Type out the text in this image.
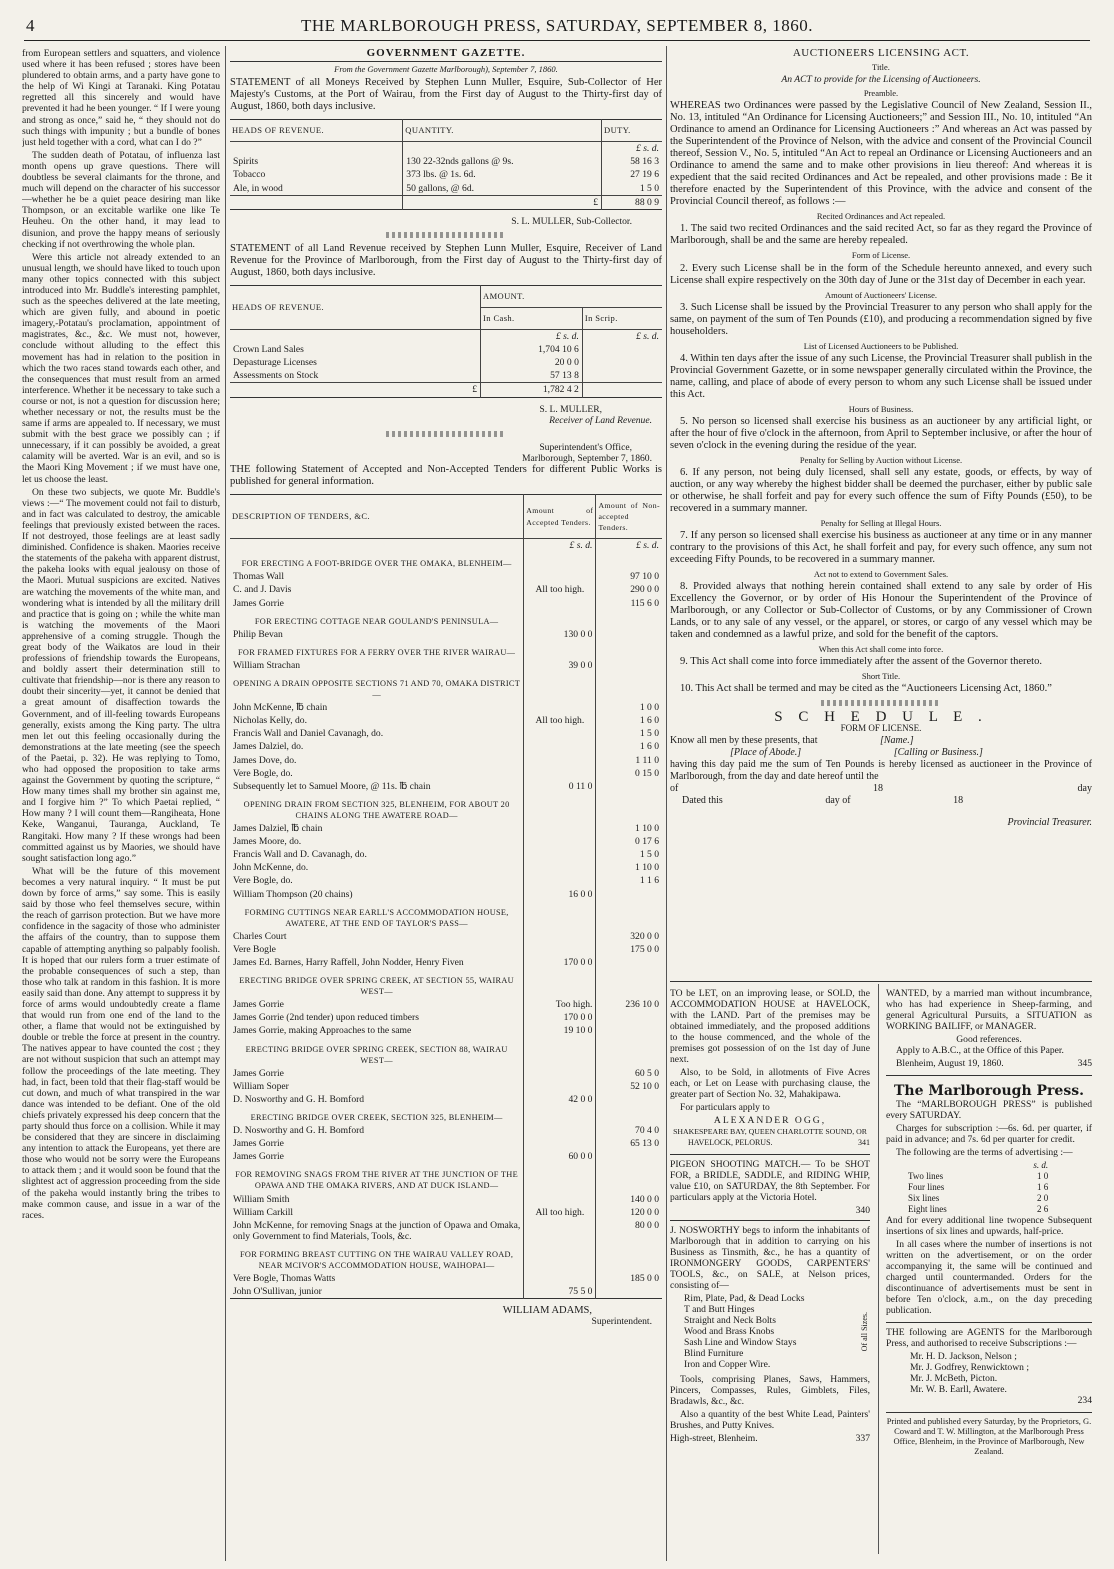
4	THE MARLBOROUGH PRESS, SATURDAY, SEPTEMBER 8, 1860.

from European settlers and squatters, and violence used where it has been refused ; stores have been plundered to obtain arms, and a party have gone to the help of Wi Kingi at Taranaki. King Potatau regretted all this sincerely and would have prevented it had he been younger. “ If I were young and strong as once,” said he, “ they should not do such things with impunity ; but a bundle of bones just held together with a cord, what can I do ?”

The sudden death of Potatau, of influenza last month opens up grave questions. There will doubtless be several claimants for the throne, and much will depend on the character of his successor—whether he be a quiet peace desiring man like Thompson, or an excitable warlike one like Te Heuheu. On the other hand, it may lead to disunion, and prove the happy means of seriously checking if not overthrowing the whole plan.

Were this article not already extended to an unusual length, we should have liked to touch upon many other topics connected with this subject introduced into Mr. Buddle's interesting pamphlet, such as the speeches delivered at the late meeting, which are given fully, and abound in poetic imagery,-Potatau's proclamation, appointment of magistrates, &c., &c. We must not, however, conclude without alluding to the effect this movement has had in relation to the position in which the two races stand towards each other, and the consequences that must result from an armed interference. Whether it be necessary to take such a course or not, is not a question for discussion here; whether necessary or not, the results must be the same if arms are appealed to. If necessary, we must submit with the best grace we possibly can ; if unnecessary, if it can possibly be avoided, a great calamity will be averted. War is an evil, and so is the Maori King Movement ; if we must have one, let us choose the least.

On these two subjects, we quote Mr. Buddle's views :—“ The movement could not fail to disturb, and in fact was calculated to destroy, the amicable feelings that previously existed between the races. If not destroyed, those feelings are at least sadly diminished. Confidence is shaken. Maories receive the statements of the pakeha with apparent distrust, the pakeha looks with equal jealousy on those of the Maori. Mutual suspicions are excited. Natives are watching the movements of the white man, and wondering what is intended by all the military drill and practice that is going on ; while the white man is watching the movements of the Maori apprehensive of a coming struggle. Though the great body of the Waikatos are loud in their professions of friendship towards the Europeans, and boldly assert their determination still to cultivate that friendship—nor is there any reason to doubt their sincerity—yet, it cannot be denied that a great amount of disaffection towards the Government, and of ill-feeling towards Europeans generally, exists among the King party. The ultra men let out this feeling occasionally during the demonstrations at the late meeting (see the speech of the Paetai, p. 32). He was replying to Tomo, who had opposed the proposition to take arms against the Government by quoting the scripture, “ How many times shall my brother sin against me, and I forgive him ?” To which Paetai replied, “ How many ? I will count them—Rangiheata, Hone Keke, Wanganui, Tauranga, Auckland, Te Rangitaki. How many ? If these wrongs had been committed against us by Maories, we should have sought satisfaction long ago.”

What will be the future of this movement becomes a very natural inquiry. “ It must be put down by force of arms,” say some. This is easily said by those who feel themselves secure, within the reach of garrison protection. But we have more confidence in the sagacity of those who administer the affairs of the country, than to suppose them capable of attempting anything so palpably foolish. It is hoped that our rulers form a truer estimate of the probable consequences of such a step, than those who talk at random in this fashion. It is more easily said than done. Any attempt to suppress it by force of arms would undoubtedly create a flame that would run from one end of the land to the other, a flame that would not be extinguished by double or treble the force at present in the country. The natives appear to have counted the cost ; they are not without suspicion that such an attempt may follow the proceedings of the late meeting. They had, in fact, been told that their flag-staff would be cut down, and much of what transpired in the war dance was intended to be defiant. One of the old chiefs privately expressed his deep concern that the party should thus force on a collision. While it may be considered that they are sincere in disclaiming any intention to attack the Europeans, yet there are those who would not be sorry were the Europeans to attack them ; and it would soon be found that the slightest act of aggression proceeding from the side of the pakeha would instantly bring the tribes to make common cause, and issue in a war of the races.

GOVERNMENT GAZETTE.
From the Government Gazette Marlborough), September 7, 1860.

STATEMENT of all Moneys Received by Stephen Lunn Muller, Esquire, Sub-Collector of Her Majesty's Customs, at the Port of Wairau, from the First day of August to the Thirty-first day of August, 1860, both days inclusive.

HEADS OF REVENUE.	QUANTITY.	DUTY.
		£ s. d.
Spirits	130 22-32nds gallons @ 9s.	58 16 3
Tobacco	373 lbs. @ 1s. 6d.	27 19 6
Ale, in wood	50 gallons, @ 6d.	1 5 0
	£	88 0 9
S. L. MULLER, Sub-Collector.

STATEMENT of all Land Revenue received by Stephen Lunn Muller, Esquire, Receiver of Land Revenue for the Province of Marlborough, from the First day of August to the Thirty-first day of August, 1860, both days inclusive.

HEADS OF REVENUE.	AMOUNT.	
	In Cash.	In Scrip.
	£ s. d.	£ s. d.
Crown Land Sales	1,704 10 6	
Depasturage Licenses	20 0 0	
Assessments on Stock	57 13 8	
£	1,782 4 2	
S. L. MULLER,
Receiver of Land Revenue.
Superintendent's Office,
Marlborough, September 7, 1860.

THE following Statement of Accepted and Non-Accepted Tenders for different Public Works is published for general information.

DESCRIPTION OF TENDERS, &C.	Amount of Accepted Tenders.	Amount of Non-accepted Tenders.
	£ s. d.	£ s. d.
FOR ERECTING A FOOT-BRIDGE OVER THE OMAKA, BLENHEIM—		
Thomas Wall		97 10 0
C. and J. Davis	All too high.	290 0 0
James Gorrie		115 6 0
FOR ERECTING COTTAGE NEAR GOULAND'S PENINSULA—		
Philip Bevan	130 0 0	
FOR FRAMED FIXTURES FOR A FERRY OVER THE RIVER WAIRAU—		
William Strachan	39 0 0	
OPENING A DRAIN OPPOSITE SECTIONS 71 AND 70, OMAKA DISTRICT—		
John McKenne, ℔ chain		1 0 0
Nicholas Kelly, do.	All too high.	1 6 0
Francis Wall and Daniel Cavanagh, do.		1 5 0
James Dalziel, do.		1 6 0
James Dove, do.		1 11 0
Vere Bogle, do.		0 15 0
Subsequently let to Samuel Moore, @ 11s. ℔ chain	0 11 0	
OPENING DRAIN FROM SECTION 325, BLENHEIM, FOR ABOUT 20 CHAINS ALONG THE AWATERE ROAD—		
James Dalziel, ℔ chain		1 10 0
James Moore, do.		0 17 6
Francis Wall and D. Cavanagh, do.		1 5 0
John McKenne, do.		1 10 0
Vere Bogle, do.		1 1 6
William Thompson (20 chains)	16 0 0	
FORMING CUTTINGS NEAR EARLL'S ACCOMMODATION HOUSE, AWATERE, AT THE END OF TAYLOR'S PASS—		
Charles Court		320 0 0
Vere Bogle		175 0 0
James Ed. Barnes, Harry Raffell, John Nodder, Henry Fiven	170 0 0	
ERECTING BRIDGE OVER SPRING CREEK, AT SECTION 55, WAIRAU WEST—		
James Gorrie	Too high.	236 10 0
James Gorrie (2nd tender) upon reduced timbers	170 0 0	
James Gorrie, making Approaches to the same	19 10 0	
ERECTING BRIDGE OVER SPRING CREEK, SECTION 88, WAIRAU WEST—		
James Gorrie		60 5 0
William Soper		52 10 0
D. Nosworthy and G. H. Bomford	42 0 0	
ERECTING BRIDGE OVER CREEK, SECTION 325, BLENHEIM—		
D. Nosworthy and G. H. Bomford		70 4 0
James Gorrie		65 13 0
James Gorrie	60 0 0	
FOR REMOVING SNAGS FROM THE RIVER AT THE JUNCTION OF THE OPAWA AND THE OMAKA RIVERS, AND AT DUCK ISLAND—		
William Smith		140 0 0
William Carkill	All too high.	120 0 0
John McKenne, for removing Snags at the junction of Opawa and Omaka, only Government to find Materials, Tools, &c.		80 0 0
FOR FORMING BREAST CUTTING ON THE WAIRAU VALLEY ROAD, NEAR MCIVOR'S ACCOMMODATION HOUSE, WAIHOPAI—		
Vere Bogle, Thomas Watts		185 0 0
John O'Sullivan, junior	75 5 0	
WILLIAM ADAMS,
Superintendent.
AUCTIONEERS LICENSING ACT.
Title.
An ACT to provide for the Licensing of Auctioneers.
Preamble.

WHEREAS two Ordinances were passed by the Legislative Council of New Zealand, Session II., No. 13, intituled “An Ordinance for Licensing Auctioneers;” and Session III., No. 10, intituled “An Ordinance to amend an Ordinance for Licensing Auctioneers :” And whereas an Act was passed by the Superintendent of the Province of Nelson, with the advice and consent of the Provincial Council thereof, Session V., No. 5, intituled “An Act to repeal an Ordinance or Licensing Auctioneers and an Ordinance to amend the same and to make other provisions in lieu thereof: And whereas it is expedient that the said recited Ordinances and Act be repealed, and other provisions made : Be it therefore enacted by the Superintendent of this Province, with the advice and consent of the Provincial Council thereof, as follows :—

Recited Ordinances and Act repealed.

1. The said two recited Ordinances and the said recited Act, so far as they regard the Province of Marlborough, shall be and the same are hereby repealed.

Form of License.

2. Every such License shall be in the form of the Schedule hereunto annexed, and every such License shall expire respectively on the 30th day of June or the 31st day of December in each year.

Amount of Auctioneers' License.

3. Such License shall be issued by the Provincial Treasurer to any person who shall apply for the same, on payment of the sum of Ten Pounds (£10), and producing a recommendation signed by five householders.

List of Licensed Auctioneers to be Published.

4. Within ten days after the issue of any such License, the Provincial Treasurer shall publish in the Provincial Government Gazette, or in some newspaper generally circulated within the Province, the name, calling, and place of abode of every person to whom any such License shall be issued under this Act.

Hours of Business.

5. No person so licensed shall exercise his business as an auctioneer by any artificial light, or after the hour of five o'clock in the afternoon, from April to September inclusive, or after the hour of seven o'clock in the evening during the residue of the year.

Penalty for Selling by Auction without License.

6. If any person, not being duly licensed, shall sell any estate, goods, or effects, by way of auction, or any way whereby the highest bidder shall be deemed the purchaser, either by public sale or otherwise, he shall forfeit and pay for every such offence the sum of Fifty Pounds (£50), to be recovered in a summary manner.

Penalty for Selling at Illegal Hours.

7. If any person so licensed shall exercise his business as auctioneer at any time or in any manner contrary to the provisions of this Act, he shall forfeit and pay, for every such offence, any sum not exceeding Fifty Pounds, to be recovered in a summary manner.

Act not to extend to Government Sales.

8. Provided always that nothing herein contained shall extend to any sale by order of His Excellency the Governor, or by order of His Honour the Superintendent of the Province of Marlborough, or any Collector or Sub-Collector of Customs, or by any Commissioner of Crown Lands, or to any sale of any vessel, or the apparel, or stores, or cargo of any vessel which may be taken and condemned as a lawful prize, and sold for the benefit of the captors.

When this Act shall come into force.

9. This Act shall come into force immediately after the assent of the Governor thereto.

Short Title.

10. This Act shall be termed and may be cited as the “Auctioneers Licensing Act, 1860.”

S C H E D U L E .
FORM OF LICENSE.
Know all men by these presents, that	[Name.]
[Place of Abode.]	[Calling or Business.]

having this day paid me the sum of Ten Pounds is hereby licensed as auctioneer in the Province of Marlborough, from the day and date hereof until the

of	18	day
Dated this	day of	18
Provincial Treasurer.

TO be LET, on an improving lease, or SOLD, the ACCOMMODATION HOUSE at HAVELOCK, with the LAND. Part of the premises may be obtained immediately, and the proposed additions to the house commenced, and the whole of the premises got possession of on the 1st day of June next.

Also, to be Sold, in allotments of Five Acres each, or Let on Lease with purchasing clause, the greater part of Section No. 32, Mahakipawa.

For particulars apply to

ALEXANDER OGG,
SHAKESPEARE BAY, QUEEN CHARLOTTE SOUND, OR
HAVELOCK, PELORUS.	341

PIGEON SHOOTING MATCH.— To be SHOT FOR, a BRIDLE, SADDLE, and RIDING WHIP, value £10, on SATURDAY, the 8th September. For particulars apply at the Victoria Hotel.

340

J. NOSWORTHY begs to inform the inhabitants of Marlborough that in addition to carrying on his Business as Tinsmith, &c., he has a quantity of IRONMONGERY GOODS, CARPENTERS' TOOLS, &c., on SALE, at Nelson prices, consisting of—

Rim, Plate, Pad, & Dead Locks
T and Butt Hinges
Straight and Neck Bolts
Wood and Brass Knobs
Sash Line and Window Stays
Blind Furniture
Iron and Copper Wire.
Of all Sizes.

Tools, comprising Planes, Saws, Hammers, Pincers, Compasses, Rules, Gimblets, Files, Bradawls, &c., &c.

Also a quantity of the best White Lead, Painters' Brushes, and Putty Knives.

High-street, Blenheim.	337

WANTED, by a married man without incumbrance, who has had experience in Sheep-farming, and general Agricultural Pursuits, a SITUATION as WORKING BAILIFF, or MANAGER.

Good references.

Apply to A.B.C., at the Office of this Paper.

Blenheim, August 19, 1860.	345
The Marlborough Press.

The “MARLBOROUGH PRESS” is published every SATURDAY.

Charges for subscription :—6s. 6d. per quarter, if paid in advance; and 7s. 6d per quarter for credit.

The following are the terms of advertising :—

	s. d.
Two lines	1 0
Four lines	1 6
Six lines	2 0
Eight lines	2 6

And for every additional line twopence Subsequent insertions of six lines and upwards, half-price.

In all cases where the number of insertions is not written on the advertisement, or on the order accompanying it, the same will be continued and charged until countermanded. Orders for the discontinuance of advertisements must be sent in before Ten o'clock, a.m., on the day preceding publication.

THE following are AGENTS for the Marlborough Press, and authorised to receive Subscriptions :—

Mr. H. D. Jackson, Nelson ;
Mr. J. Godfrey, Renwicktown ;
Mr. J. McBeth, Picton.
Mr. W. B. Earll, Awatere.
234
Printed and published every Saturday, by the Proprietors, G. Coward and T. W. Millington, at the Marlborough Press Office, Blenheim, in the Province of Marlborough, New Zealand.
